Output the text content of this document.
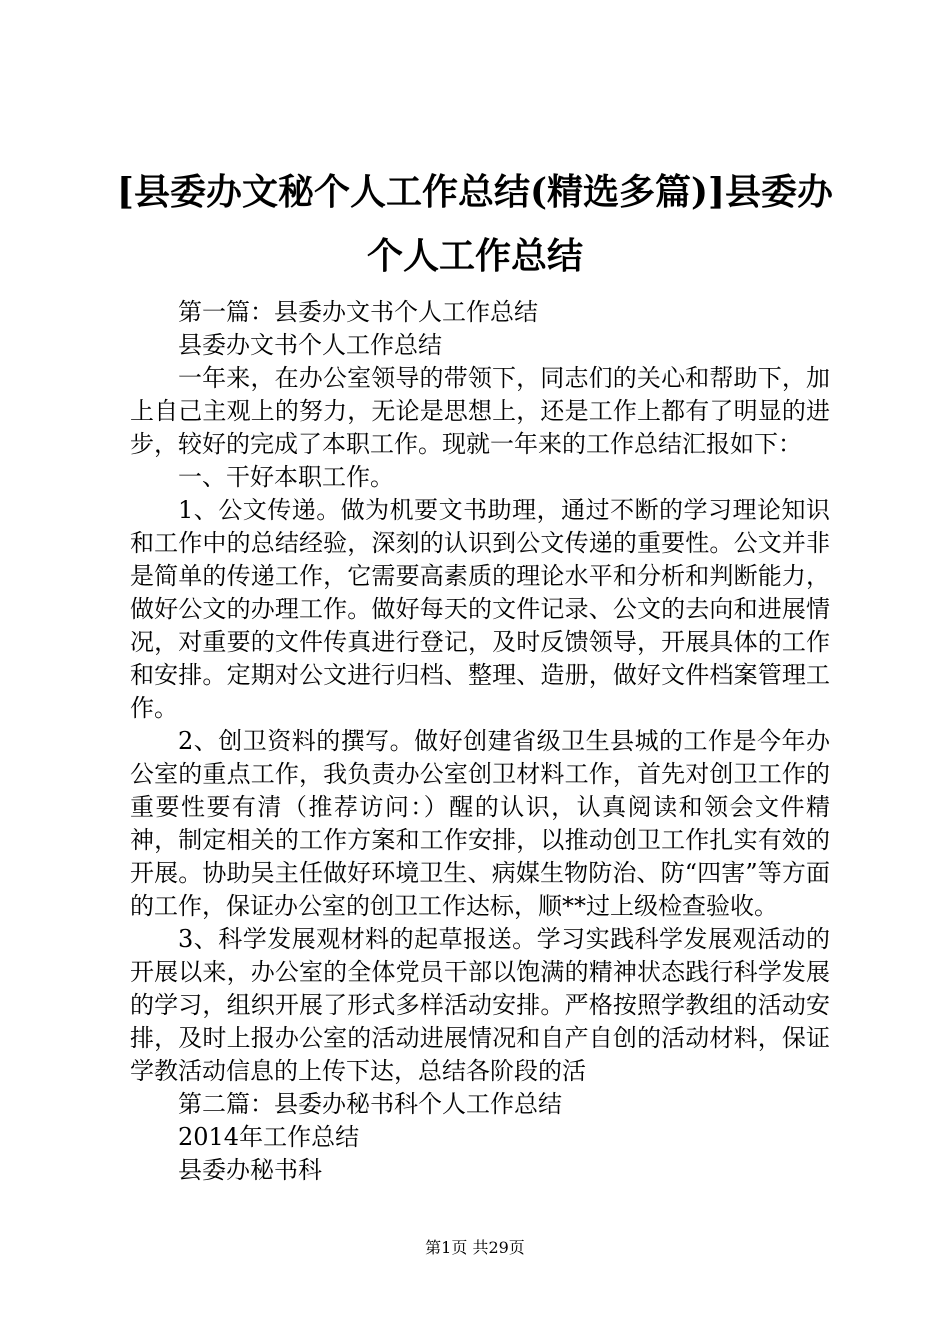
[县委办文秘个人工作总结(精选多篇)]县委办个人工作总结

第一篇：县委办文书个人工作总结

县委办文书个人工作总结

一年来，在办公室领导的带领下，同志们的关心和帮助下，加上自己主观上的努力，无论是思想上，还是工作上都有了明显的进步，较好的完成了本职工作。现就一年来的工作总结汇报如下：

一、干好本职工作。

1、公文传递。做为机要文书助理，通过不断的学习理论知识和工作中的总结经验，深刻的认识到公文传递的重要性。公文并非是简单的传递工作，它需要高素质的理论水平和分析和判断能力，做好公文的办理工作。做好每天的文件记录、公文的去向和进展情况，对重要的文件传真进行登记，及时反馈领导，开展具体的工作和安排。定期对公文进行归档、整理、造册，做好文件档案管理工作。

2、创卫资料的撰写。做好创建省级卫生县城的工作是今年办公室的重点工作，我负责办公室创卫材料工作，首先对创卫工作的重要性要有清（推荐访问：）醒的认识，认真阅读和领会文件精神，制定相关的工作方案和工作安排，以推动创卫工作扎实有效的开展。协助吴主任做好环境卫生、病媒生物防治、防“四害”等方面的工作，保证办公室的创卫工作达标，顺**过上级检查验收。

3、科学发展观材料的起草报送。学习实践科学发展观活动的开展以来，办公室的全体党员干部以饱满的精神状态践行科学发展的学习，组织开展了形式多样活动安排。严格按照学教组的活动安排，及时上报办公室的活动进展情况和自产自创的活动材料，保证学教活动信息的上传下达，总结各阶段的活

第二篇：县委办秘书科个人工作总结

2014年工作总结

县委办秘书科

第1页 共29页
